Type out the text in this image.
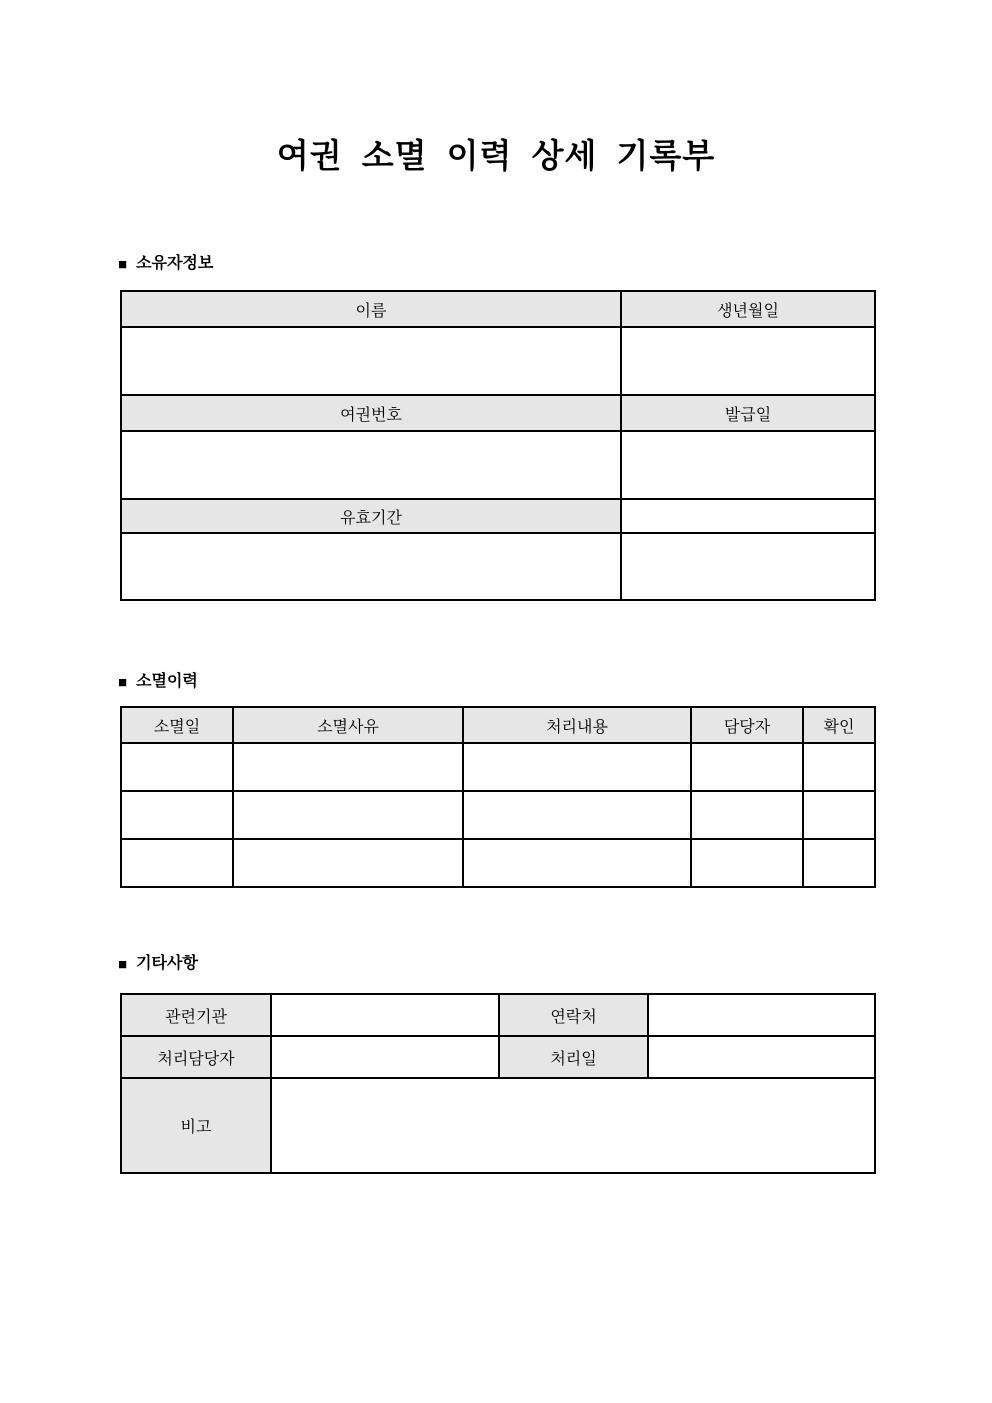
여권 소멸 이력 상세 기록부
■ 소유자정보
이름	생년월일

여권번호	발급일

유효기간	

■ 소멸이력
소멸일	소멸사유	처리내용	담당자	확인

■ 기타사항
관련기관		연락처	
처리담당자		처리일	
비고			
